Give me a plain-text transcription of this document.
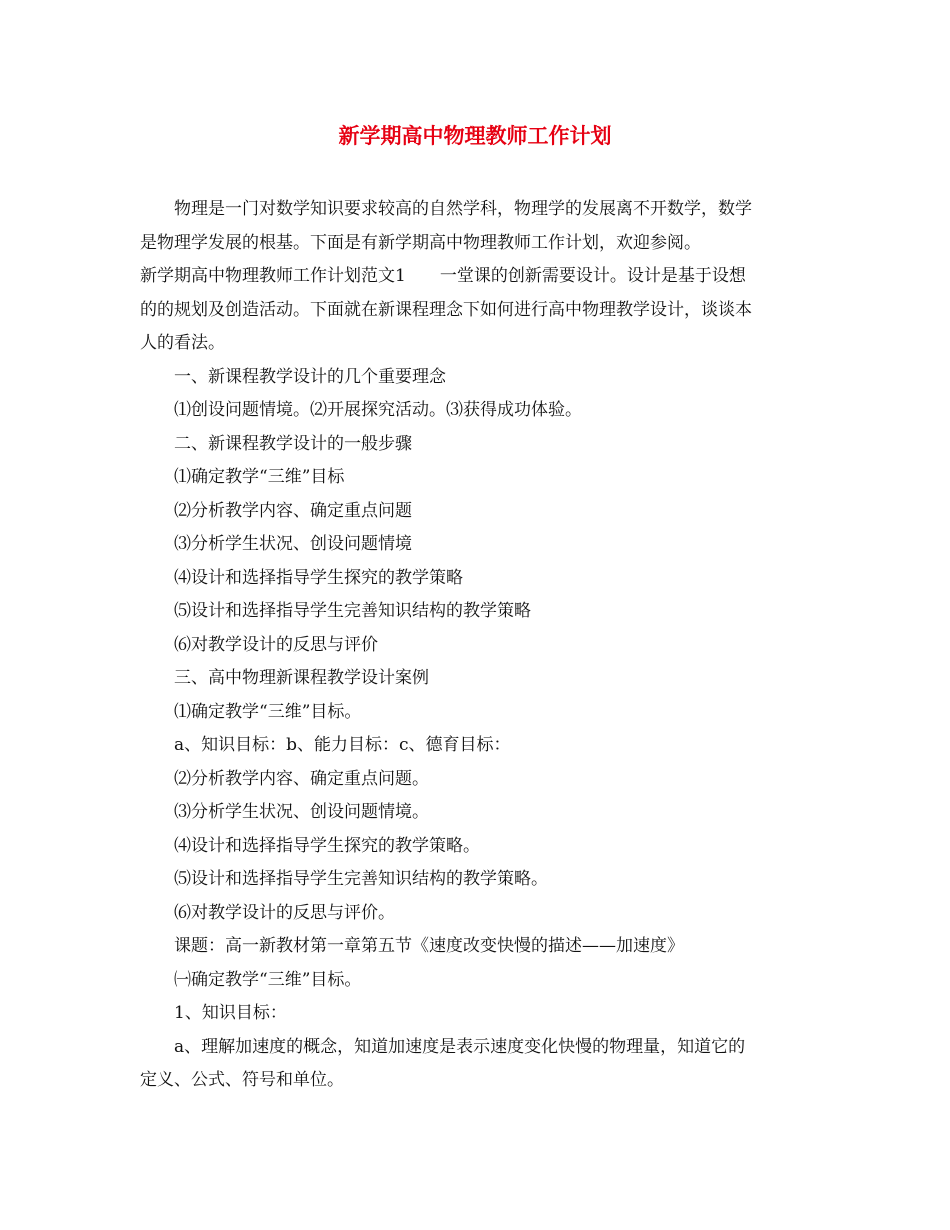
新学期高中物理教师工作计划
物理是一门对数学知识要求较高的自然学科，物理学的发展离不开数学，数学
是物理学发展的根基。下面是有新学期高中物理教师工作计划，欢迎参阅。
新学期高中物理教师工作计划范文1　　一堂课的创新需要设计。设计是基于设想
的的规划及创造活动。下面就在新课程理念下如何进行高中物理教学设计，谈谈本
人的看法。
一、新课程教学设计的几个重要理念
⑴创设问题情境。⑵开展探究活动。⑶获得成功体验。
二、新课程教学设计的一般步骤
⑴确定教学“三维”目标
⑵分析教学内容、确定重点问题
⑶分析学生状况、创设问题情境
⑷设计和选择指导学生探究的教学策略
⑸设计和选择指导学生完善知识结构的教学策略
⑹对教学设计的反思与评价
三、高中物理新课程教学设计案例
⑴确定教学“三维”目标。
a、知识目标：b、能力目标：c、德育目标：
⑵分析教学内容、确定重点问题。
⑶分析学生状况、创设问题情境。
⑷设计和选择指导学生探究的教学策略。
⑸设计和选择指导学生完善知识结构的教学策略。
⑹对教学设计的反思与评价。
课题：高一新教材第一章第五节《速度改变快慢的描述——加速度》
㈠确定教学“三维”目标。
1、知识目标：
a、理解加速度的概念，知道加速度是表示速度变化快慢的物理量，知道它的
定义、公式、符号和单位。
